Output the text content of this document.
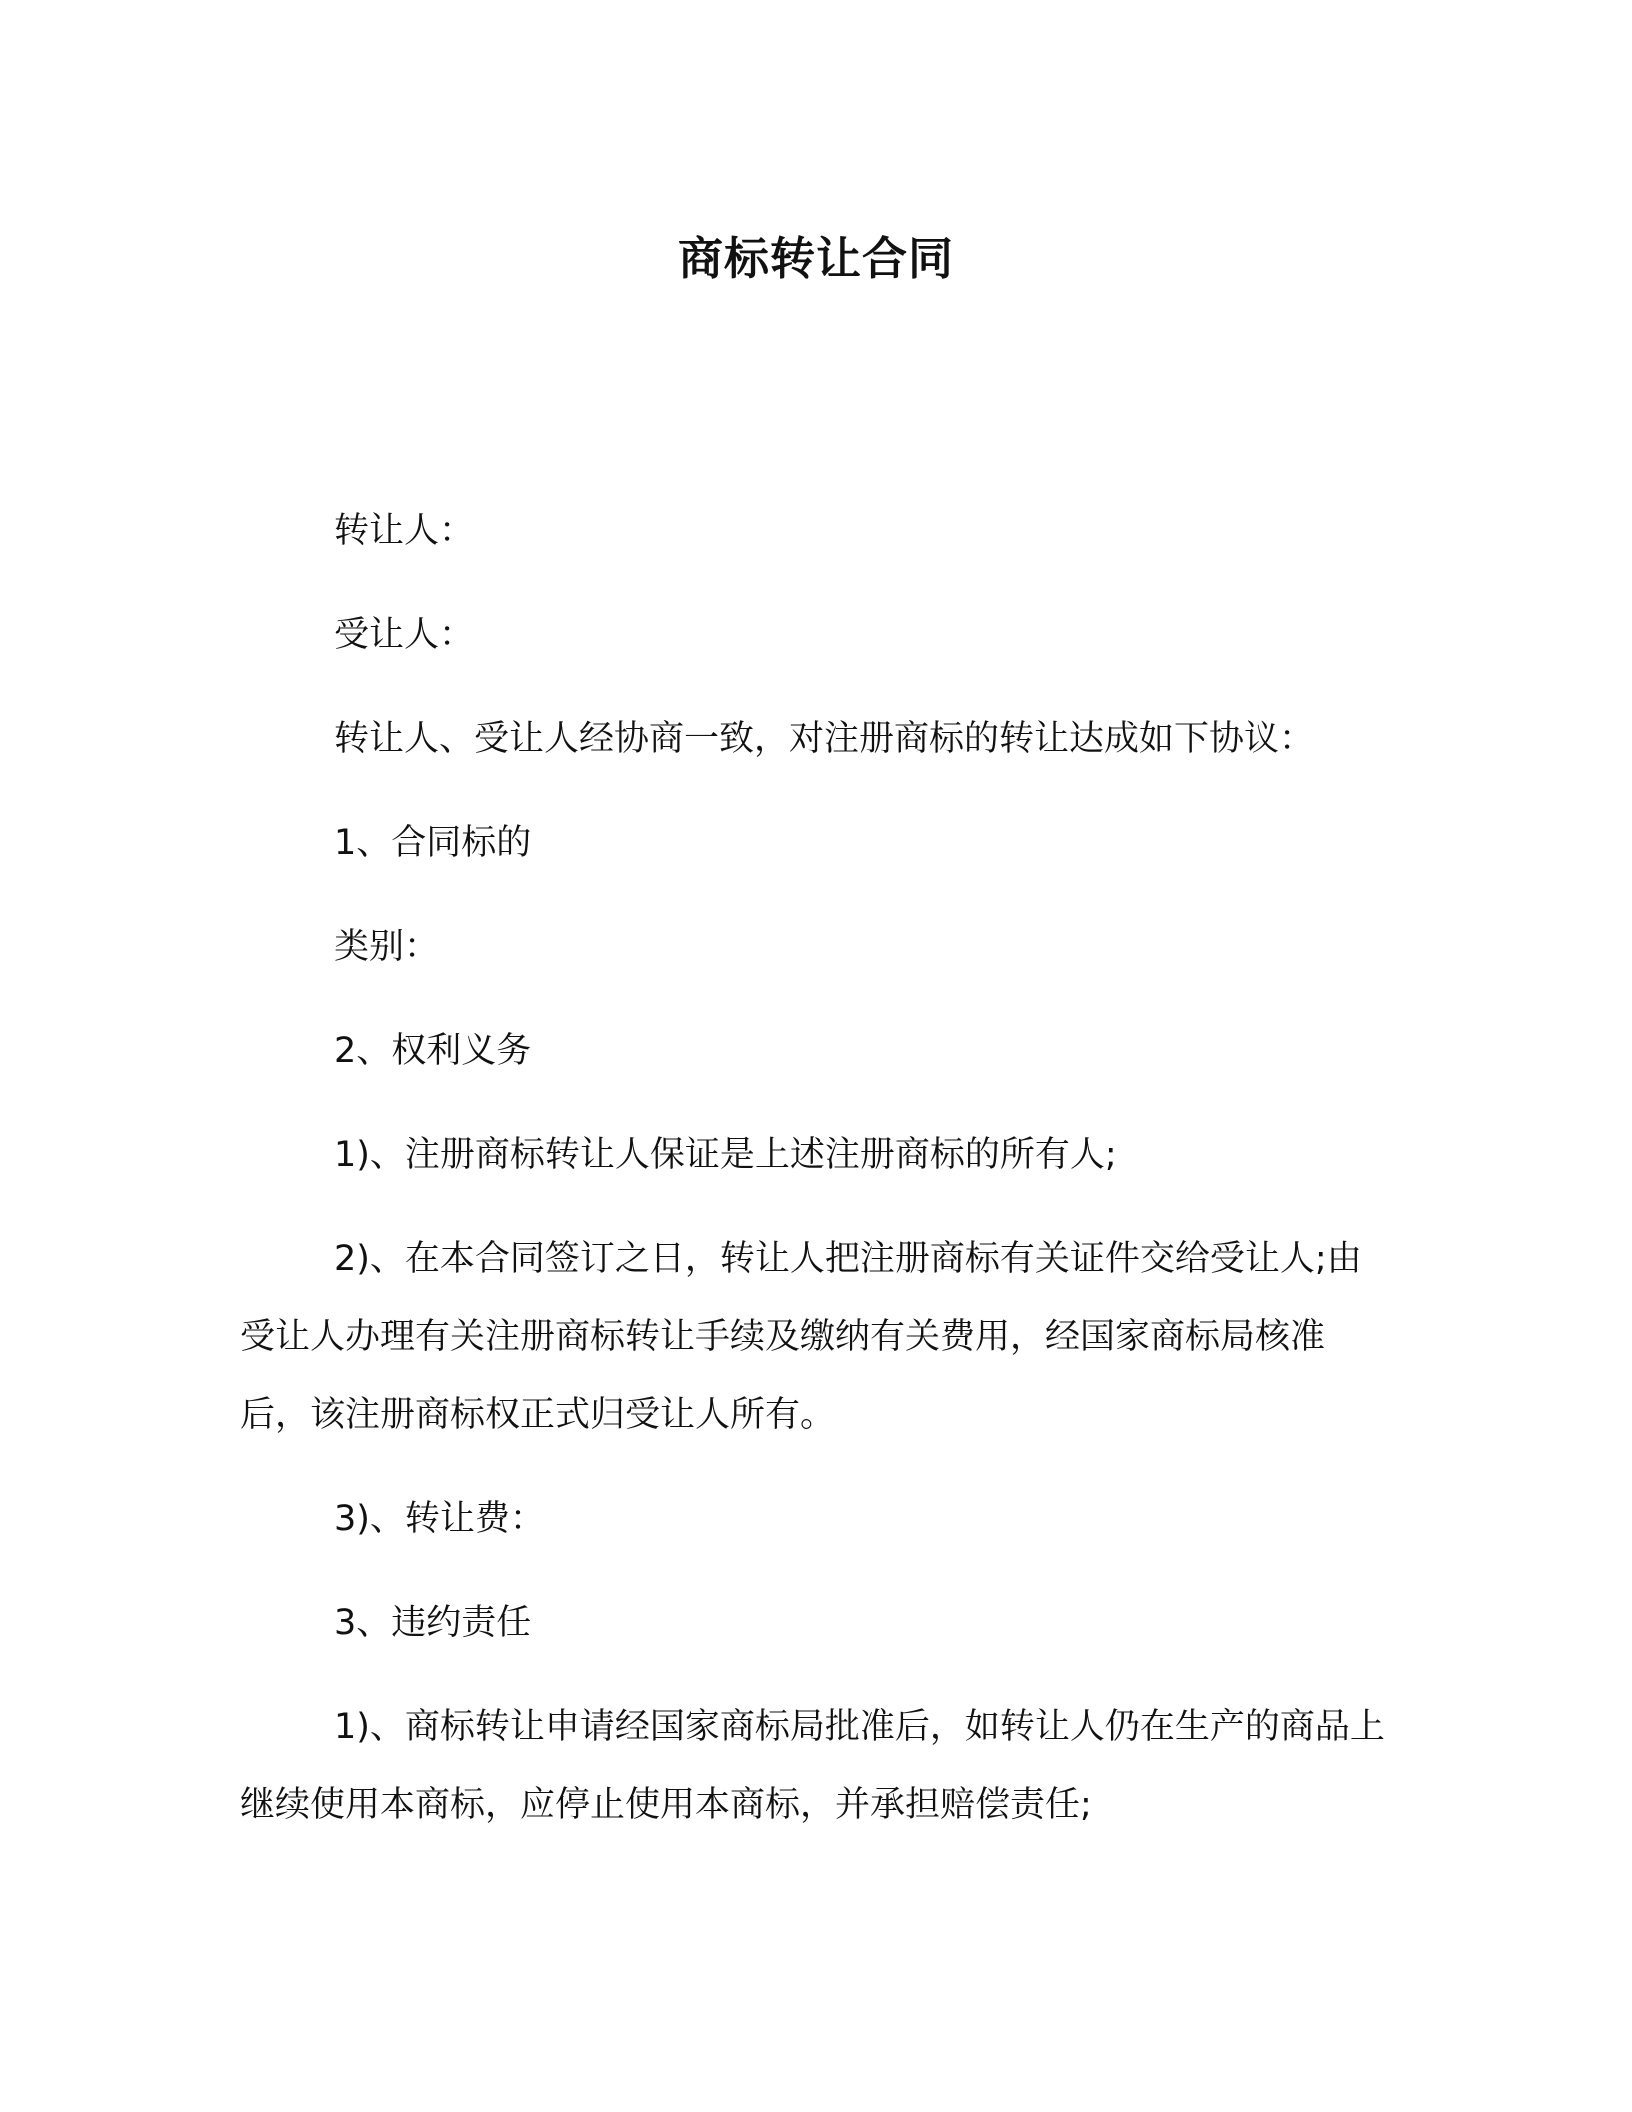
商标转让合同

转让人：

受让人：

转让人、受让人经协商一致，对注册商标的转让达成如下协议：

1、合同标的

类别：

2、权利义务

1)、注册商标转让人保证是上述注册商标的所有人;

2)、在本合同签订之日，转让人把注册商标有关证件交给受让人;由受让人办理有关注册商标转让手续及缴纳有关费用，经国家商标局核准后，该注册商标权正式归受让人所有。

3)、转让费：

3、违约责任

1)、商标转让申请经国家商标局批准后，如转让人仍在生产的商品上继续使用本商标，应停止使用本商标，并承担赔偿责任;
